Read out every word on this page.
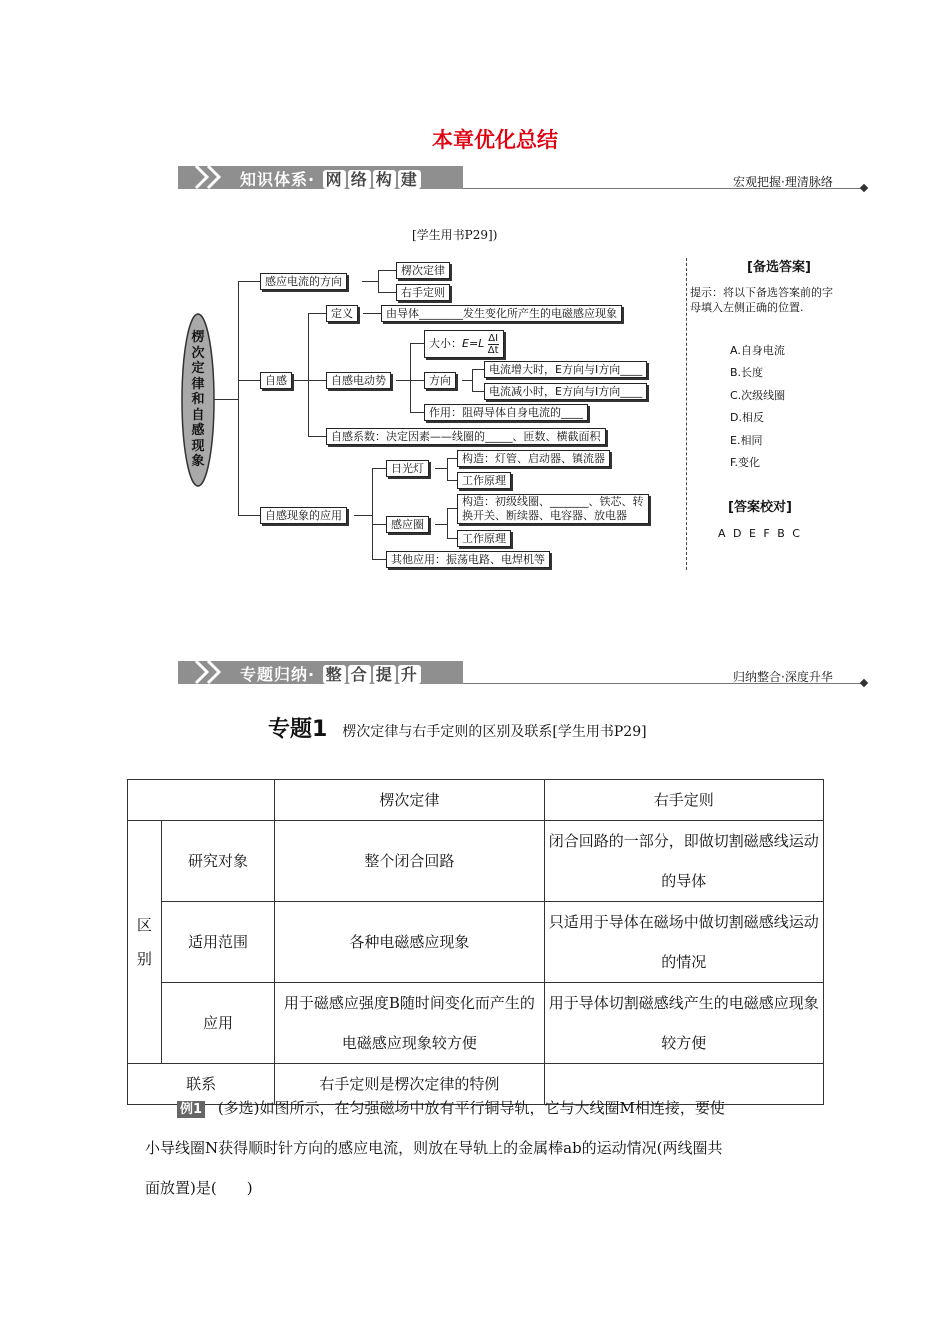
本章优化总结
知识体系· 网 络 构 建	宏观把握·理清脉络
[学生用书P29])
楞次定律和自感现象
感应电流的方向
楞次定律
右手定则
自感
定义	由导体________发生变化所产生的电磁感应现象
自感电动势
大小：$E=L \frac{\Delta I}{\Delta t}$
方向
电流增大时，E方向与I方向____
电流减小时，E方向与I方向____
作用：阻碍导体自身电流的____
自感系数：决定因素——线圈的_____、匝数、横截面积
自感现象的应用
日光灯
构造：灯管、启动器、镇流器
工作原理
感应圈
构造：初级线圈、_______、铁芯、转
换开关、断续器、电容器、放电器
工作原理
其他应用：振荡电路、电焊机等
[备选答案]
提示：将以下备选答案前的字
母填入左侧正确的位置.
A.自身电流
B.长度
C.次级线圈
D.相反
E.相同
F.变化
[答案校对]
A D E F B C
专题归纳· 整 合 提 升	归纳整合·深度升华
专题1 楞次定律与右手定则的区别及联系[学生用书P29]
		楞次定律	右手定则
区别	研究对象	整个闭合回路	闭合回路的一部分，即做切割磁感线运动的导体
	适用范围	各种电磁感应现象	只适用于导体在磁场中做切割磁感线运动的情况
	应用	用于磁感应强度B随时间变化而产生的电磁感应现象较方便	用于导体切割磁感线产生的电磁感应现象较方便
联系		右手定则是楞次定律的特例	
例1 (多选)如图所示，在匀强磁场中放有平行铜导轨，它与大线圈M相连接，要使
小导线圈N获得顺时针方向的感应电流，则放在导轨上的金属棒ab的运动情况(两线圈共
面放置)是(　　)
